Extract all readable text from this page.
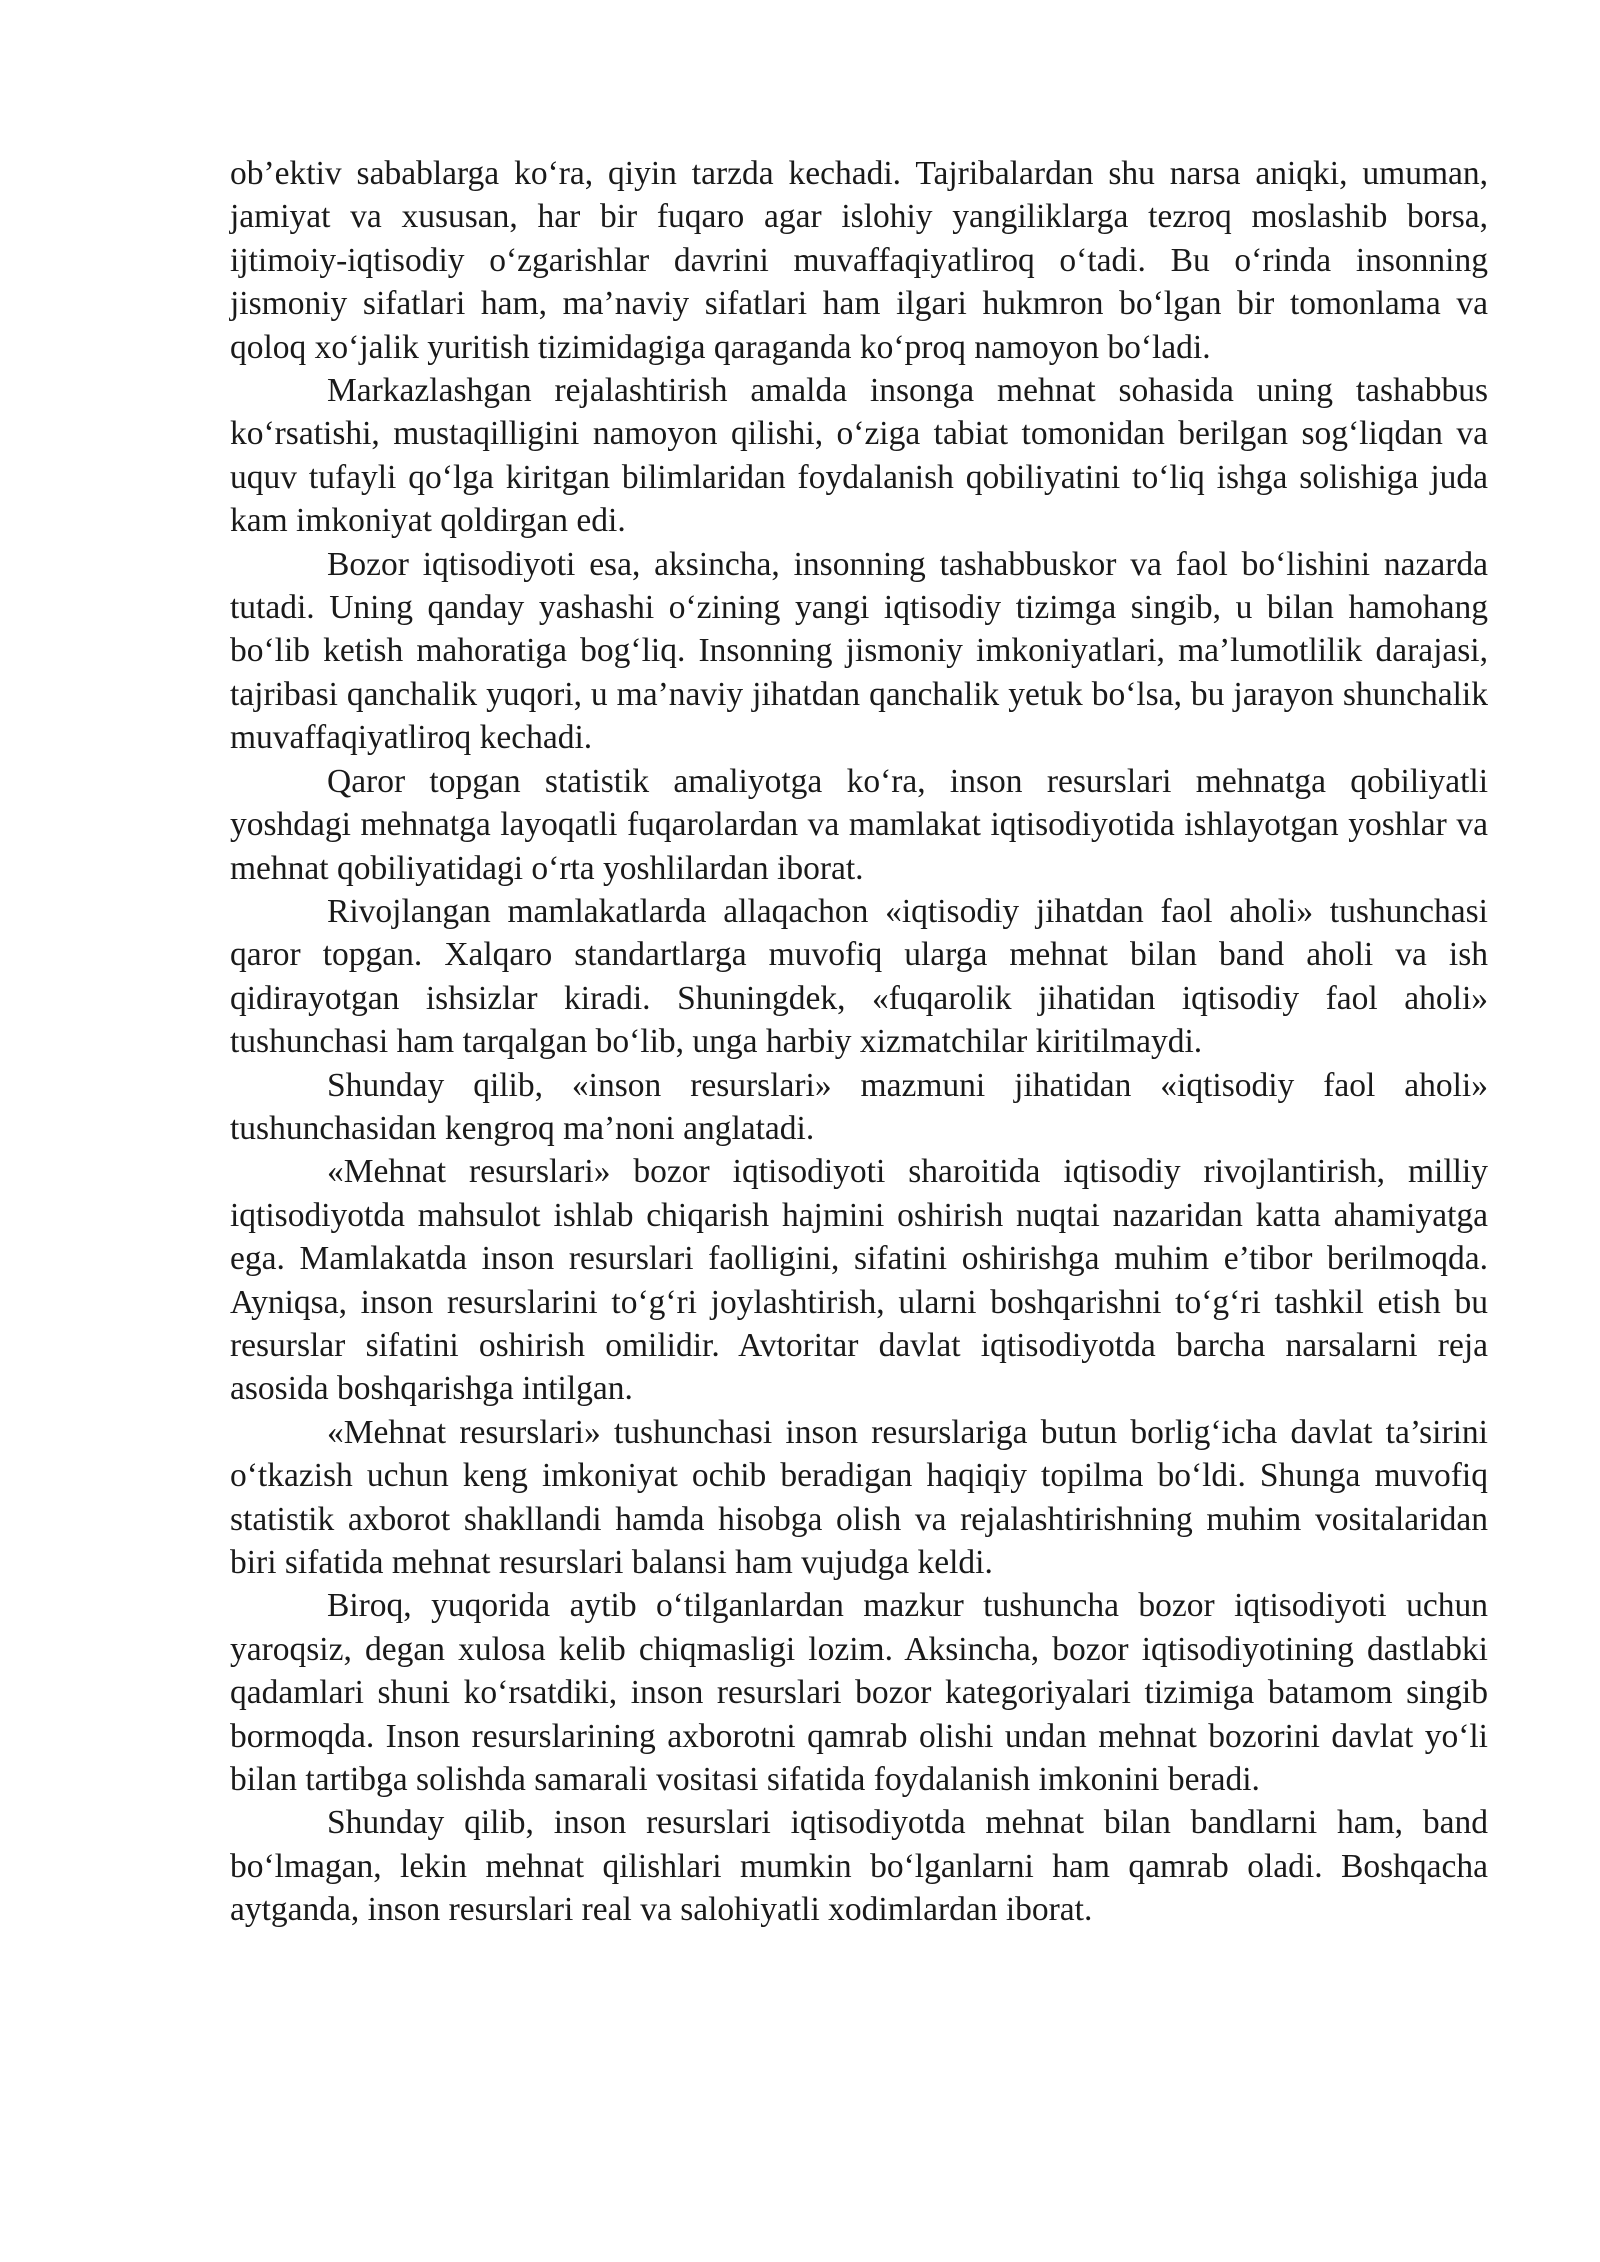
ob’ektiv sabablarga ko‘ra, qiyin tarzda kechadi. Tajribalardan shu narsa aniqki, umuman, jamiyat va xususan, har bir fuqaro agar islohiy yangiliklarga tezroq moslashib borsa, ijtimoiy-iqtisodiy o‘zgarishlar davrini muvaffaqiyatliroq o‘tadi. Bu o‘rinda insonning jismoniy sifatlari ham, ma’naviy sifatlari ham ilgari hukmron bo‘lgan bir tomonlama va qoloq xo‘jalik yuritish tizimidagiga qaraganda ko‘proq namoyon bo‘ladi.

Markazlashgan rejalashtirish amalda insonga mehnat sohasida uning tashabbus ko‘rsatishi, mustaqilligini namoyon qilishi, o‘ziga tabiat tomonidan berilgan sog‘liqdan va uquv tufayli qo‘lga kiritgan bilimlaridan foydalanish qobiliyatini to‘liq ishga solishiga juda kam imkoniyat qoldirgan edi.

Bozor iqtisodiyoti esa, aksincha, insonning tashabbuskor va faol bo‘lishini nazarda tutadi. Uning qanday yashashi o‘zining yangi iqtisodiy tizimga singib, u bilan hamohang bo‘lib ketish mahoratiga bog‘liq. Insonning jismoniy imkoniyatlari, ma’lumotlilik darajasi, tajribasi qanchalik yuqori, u ma’naviy jihatdan qanchalik yetuk bo‘lsa, bu jarayon shunchalik muvaffaqiyatliroq kechadi.

Qaror topgan statistik amaliyotga ko‘ra, inson resurslari mehnatga qobiliyatli yoshdagi mehnatga layoqatli fuqarolardan va mamlakat iqtisodiyotida ishlayotgan yoshlar va mehnat qobiliyatidagi o‘rta yoshlilardan iborat.

Rivojlangan mamlakatlarda allaqachon «iqtisodiy jihatdan faol aholi» tushunchasi qaror topgan. Xalqaro standartlarga muvofiq ularga mehnat bilan band aholi va ish qidirayotgan ishsizlar kiradi. Shuningdek, «fuqarolik jihatidan iqtisodiy faol aholi» tushunchasi ham tarqalgan bo‘lib, unga harbiy xizmatchilar kiritilmaydi.

Shunday qilib, «inson resurslari» mazmuni jihatidan «iqtisodiy faol aholi» tushunchasidan kengroq ma’noni anglatadi.

«Mehnat resurslari» bozor iqtisodiyoti sharoitida iqtisodiy rivojlantirish, milliy iqtisodiyotda mahsulot ishlab chiqarish hajmini oshirish nuqtai nazaridan katta ahamiyatga ega. Mamlakatda inson resurslari faolligini, sifatini oshirishga muhim e’tibor berilmoqda. Ayniqsa, inson resurslarini to‘g‘ri joylashtirish, ularni boshqarishni to‘g‘ri tashkil etish bu resurslar sifatini oshirish omilidir. Avtoritar davlat iqtisodiyotda barcha narsalarni reja asosida boshqarishga intilgan.

«Mehnat resurslari» tushunchasi inson resurslariga butun borlig‘icha davlat ta’sirini o‘tkazish uchun keng imkoniyat ochib beradigan haqiqiy topilma bo‘ldi. Shunga muvofiq statistik axborot shakllandi hamda hisobga olish va rejalashtirishning muhim vositalaridan biri sifatida mehnat resurslari balansi ham vujudga keldi.

Biroq, yuqorida aytib o‘tilganlardan mazkur tushuncha bozor iqtisodiyoti uchun yaroqsiz, degan xulosa kelib chiqmasligi lozim. Aksincha, bozor iqtisodiyotining dastlabki qadamlari shuni ko‘rsatdiki, inson resurslari bozor kategoriyalari tizimiga batamom singib bormoqda. Inson resurslarining axborotni qamrab olishi undan mehnat bozorini davlat yo‘li bilan tartibga solishda samarali vositasi sifatida foydalanish imkonini beradi.

Shunday qilib, inson resurslari iqtisodiyotda mehnat bilan bandlarni ham, band bo‘lmagan, lekin mehnat qilishlari mumkin bo‘lganlarni ham qamrab oladi. Boshqacha aytganda, inson resurslari real va salohiyatli xodimlardan iborat.
